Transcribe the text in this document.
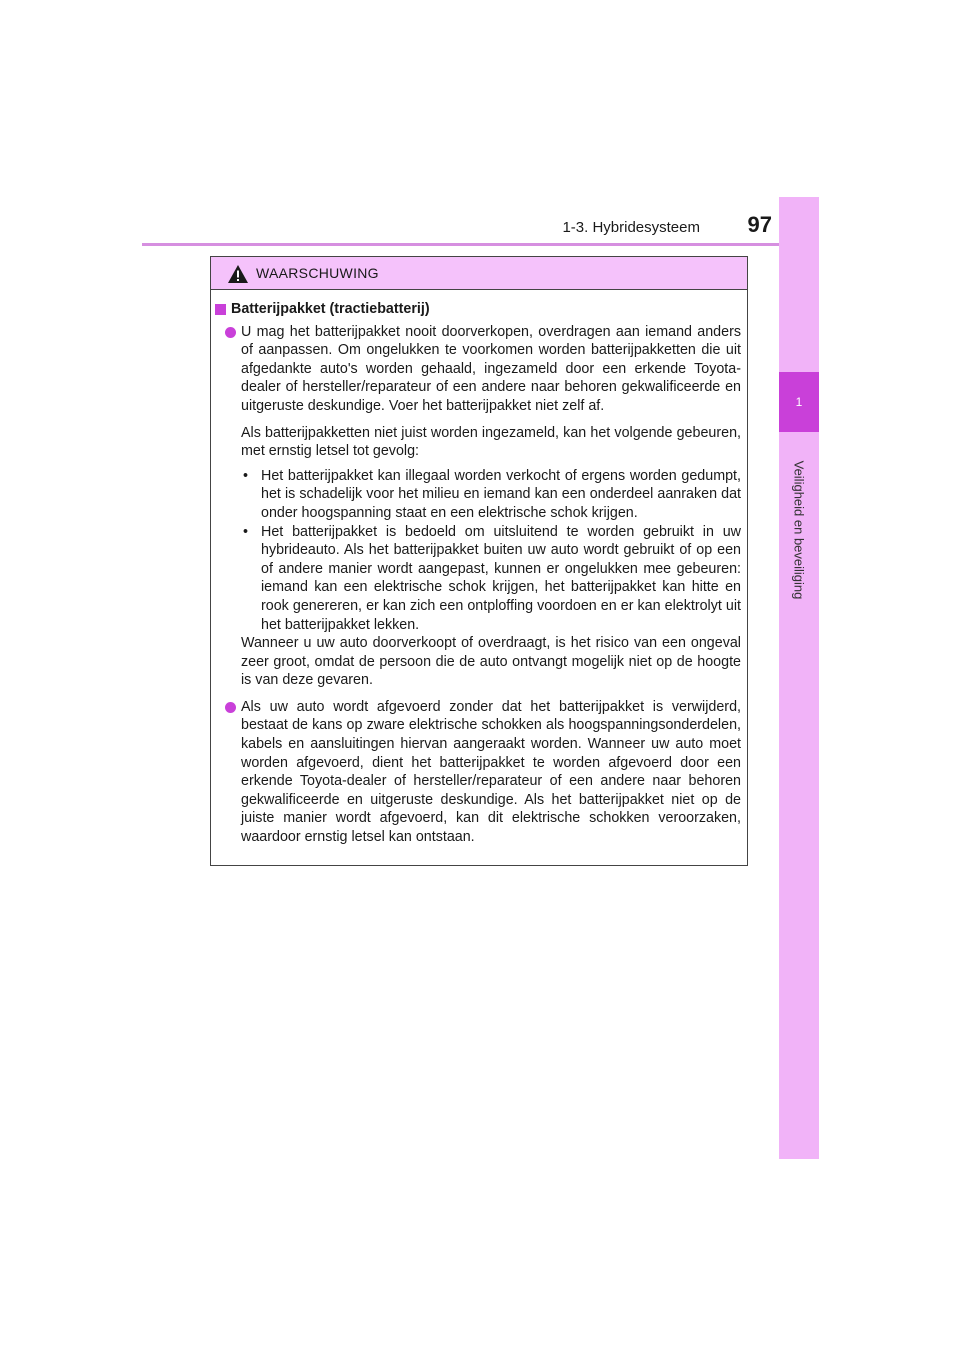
1-3. Hybridesysteem	97
1
Veiligheid en beveiliging
WAARSCHUWING
Batterijpakket (tractiebatterij)
U mag het batterijpakket nooit doorverkopen, overdragen aan iemand anders of aanpassen. Om ongelukken te voorkomen worden batterijpakketten die uit afgedankte auto's worden gehaald, ingezameld door een erkende Toyota-dealer of hersteller/reparateur of een andere naar behoren gekwalificeerde en uitgeruste deskundige. Voer het batterijpakket niet zelf af.

Als batterijpakketten niet juist worden ingezameld, kan het volgende gebeuren, met ernstig letsel tot gevolg:

• Het batterijpakket kan illegaal worden verkocht of ergens worden gedumpt, het is schadelijk voor het milieu en iemand kan een onderdeel aanraken dat onder hoogspanning staat en een elektrische schok krijgen.
• Het batterijpakket is bedoeld om uitsluitend te worden gebruikt in uw hybrideauto. Als het batterijpakket buiten uw auto wordt gebruikt of op een of andere manier wordt aangepast, kunnen er ongelukken mee gebeuren: iemand kan een elektrische schok krijgen, het batterijpakket kan hitte en rook genereren, er kan zich een ontploffing voordoen en er kan elektrolyt uit het batterijpakket lekken.

Wanneer u uw auto doorverkoopt of overdraagt, is het risico van een ongeval zeer groot, omdat de persoon die de auto ontvangt mogelijk niet op de hoogte is van deze gevaren.

Als uw auto wordt afgevoerd zonder dat het batterijpakket is verwijderd, bestaat de kans op zware elektrische schokken als hoogspanningsonderdelen, kabels en aansluitingen hiervan aangeraakt worden. Wanneer uw auto moet worden afgevoerd, dient het batterijpakket te worden afgevoerd door een erkende Toyota-dealer of hersteller/reparateur of een andere naar behoren gekwalificeerde en uitgeruste deskundige. Als het batterijpakket niet op de juiste manier wordt afgevoerd, kan dit elektrische schokken veroorzaken, waardoor ernstig letsel kan ontstaan.
